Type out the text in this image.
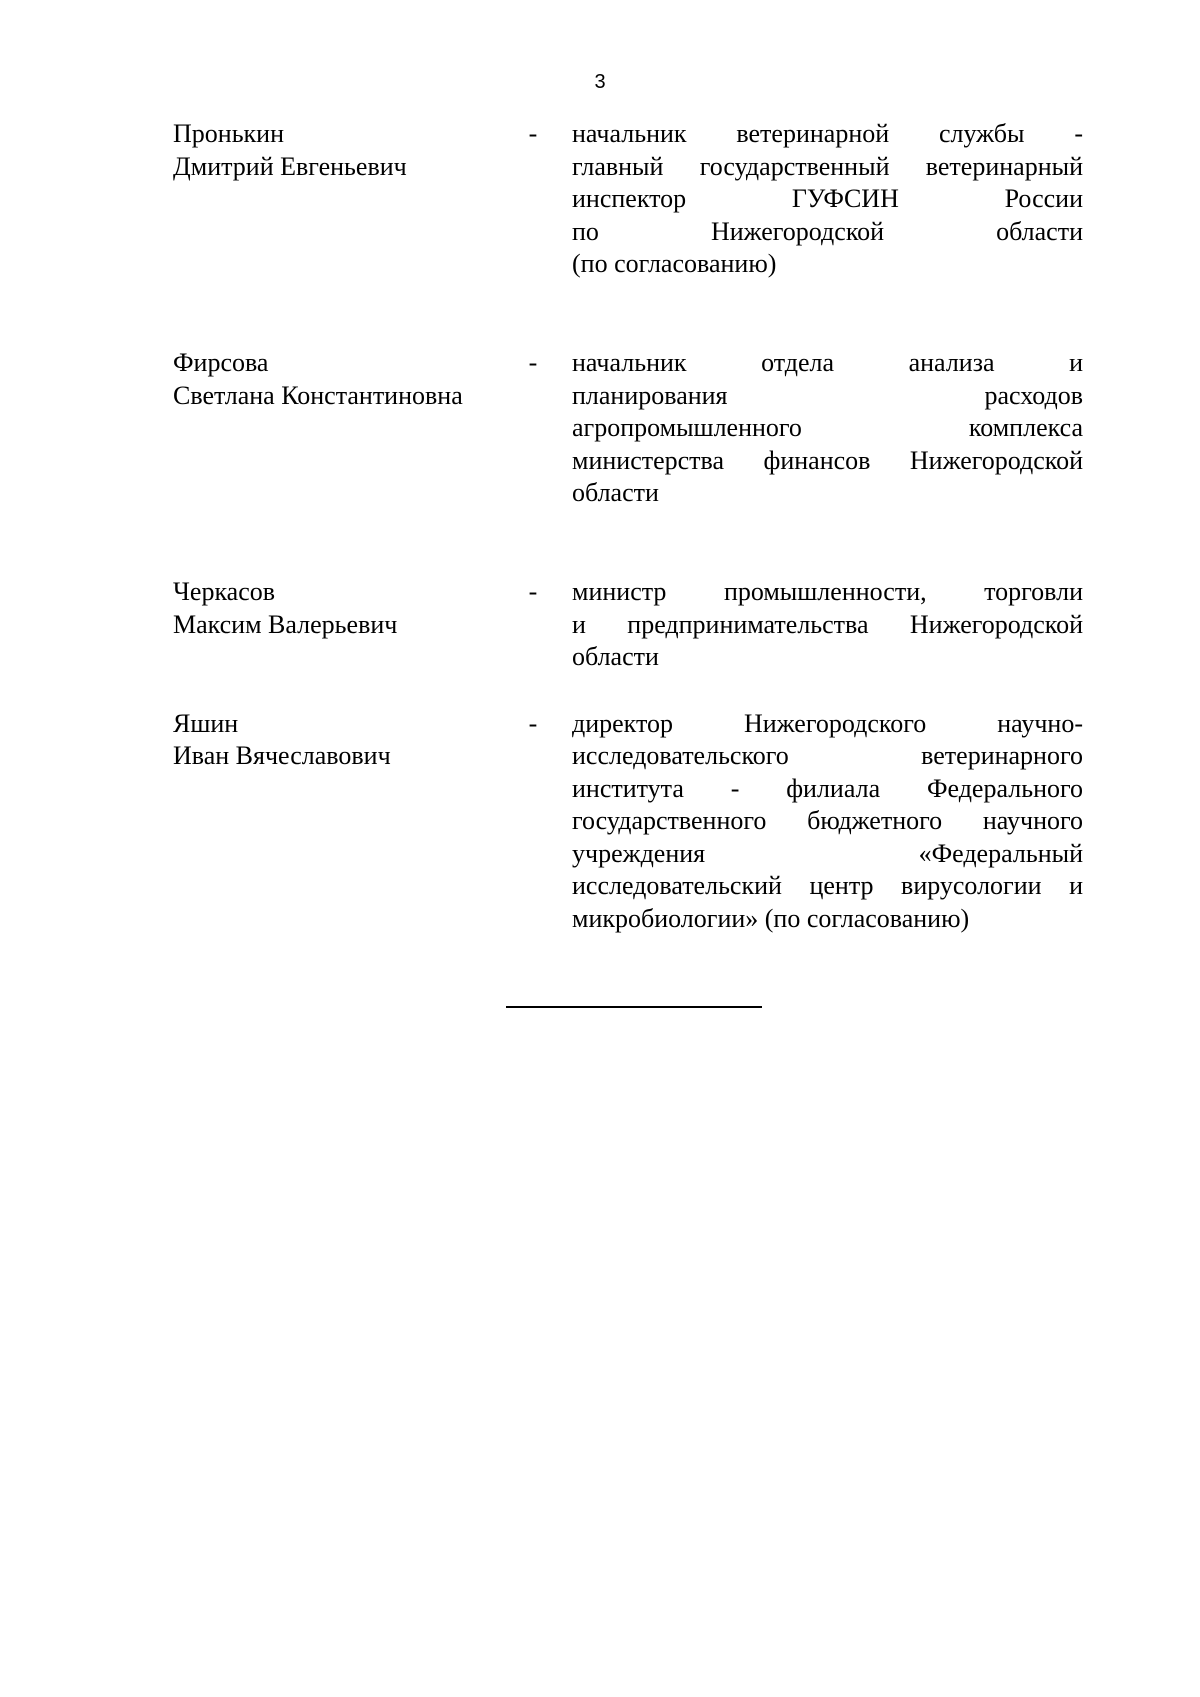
3
Пронькин
Дмитрий Евгеньевич
- начальник ветеринарной службы -
главный государственный ветеринарный
инспектор ГУФСИН России
по Нижегородской области
(по согласованию)
Фирсова
Светлана Константиновна
- начальник отдела анализа и
планирования расходов
агропромышленного комплекса
министерства финансов Нижегородской
области
Черкасов
Максим Валерьевич
- министр промышленности, торговли
и предпринимательства Нижегородской
области
Яшин
Иван Вячеславович
- директор Нижегородского научно-
исследовательского ветеринарного
института - филиала Федерального
государственного бюджетного научного
учреждения «Федеральный
исследовательский центр вирусологии и
микробиологии» (по согласованию)
